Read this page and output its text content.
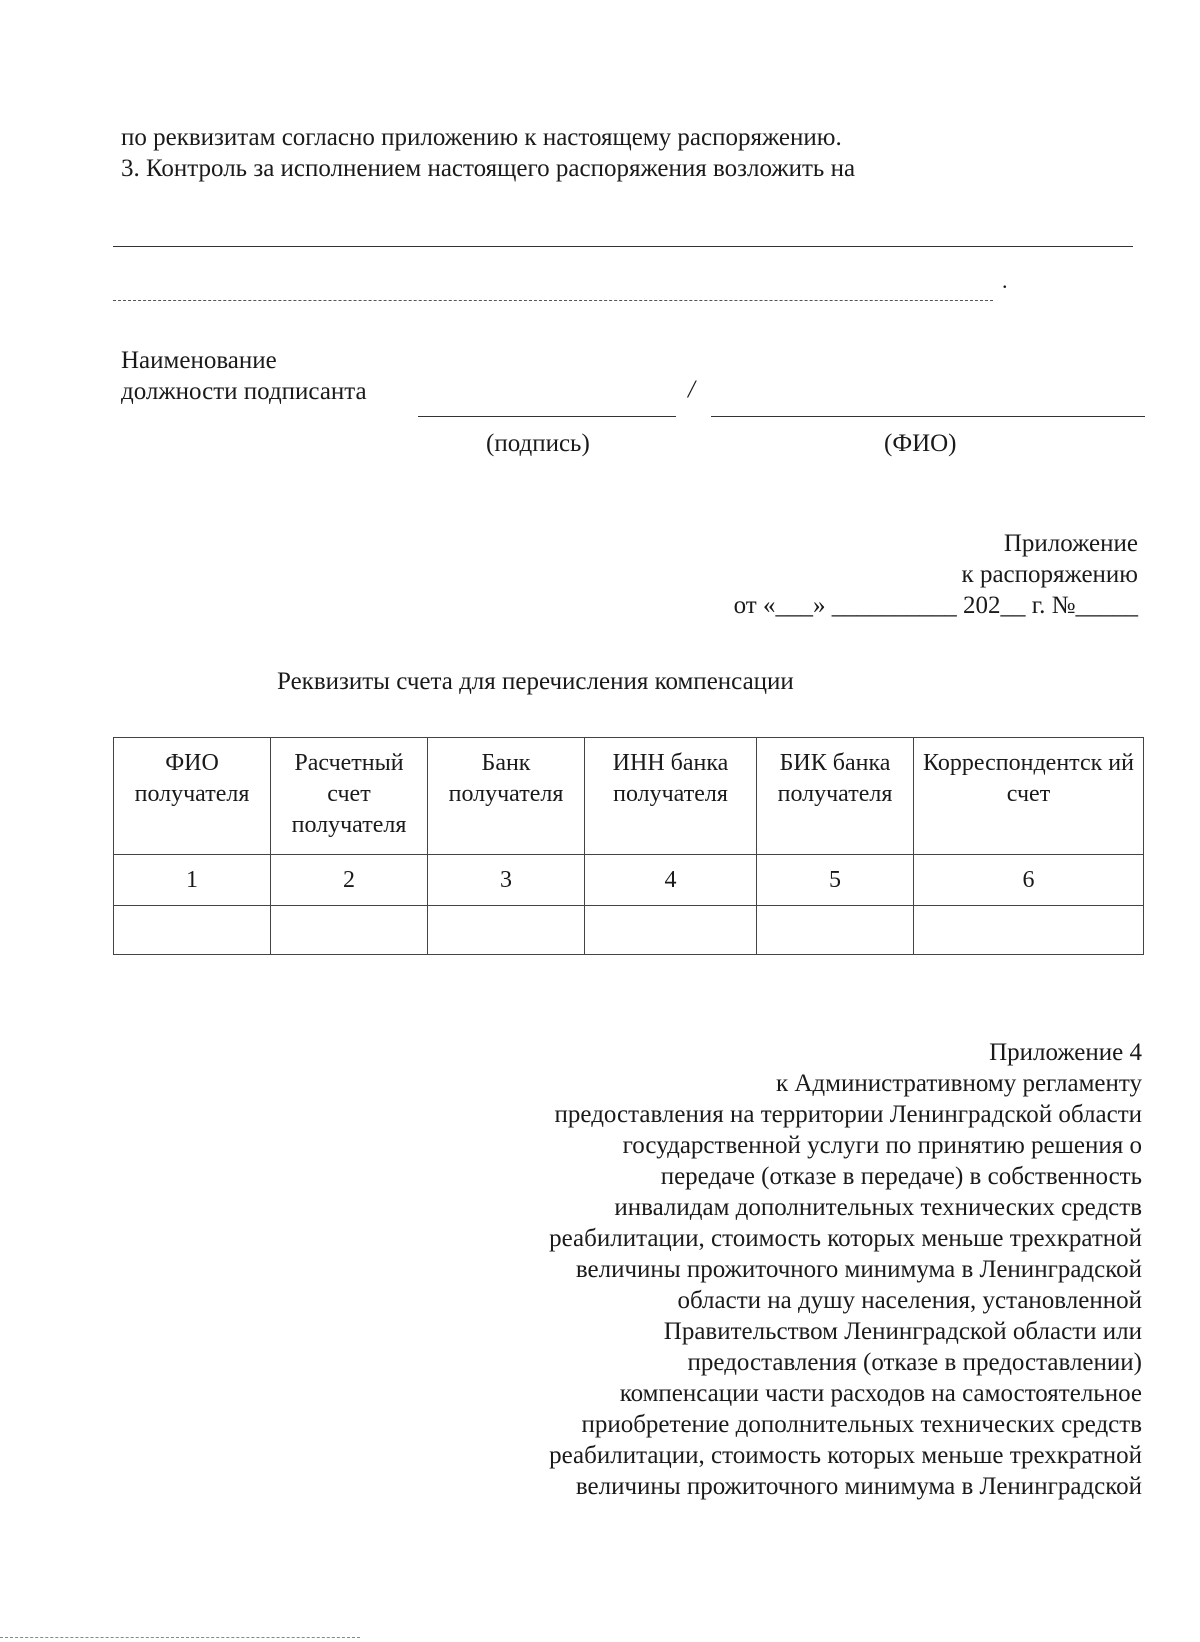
по реквизитам согласно приложению к настоящему распоряжению.
3. Контроль за исполнением настоящего распоряжения возложить на
.
Наименование
должности подписанта	/
(подпись)	(ФИО)
Приложение
к распоряжению
от «___» __________ 202__ г. №_____
Реквизиты счета для перечисления компенсации
ФИО получателя	Расчетный счет получателя	Банк получателя	ИНН банка получателя	БИК банка получателя	Корреспондентск ий счет
1	2	3	4	5	6

Приложение 4
к Административному регламенту
предоставления на территории Ленинградской области
государственной услуги по принятию решения о
передаче (отказе в передаче) в собственность
инвалидам дополнительных технических средств
реабилитации, стоимость которых меньше трехкратной
величины прожиточного минимума в Ленинградской
области на душу населения, установленной
Правительством Ленинградской области или
предоставления (отказе в предоставлении)
компенсации части расходов на самостоятельное
приобретение дополнительных технических средств
реабилитации, стоимость которых меньше трехкратной
величины прожиточного минимума в Ленинградской
